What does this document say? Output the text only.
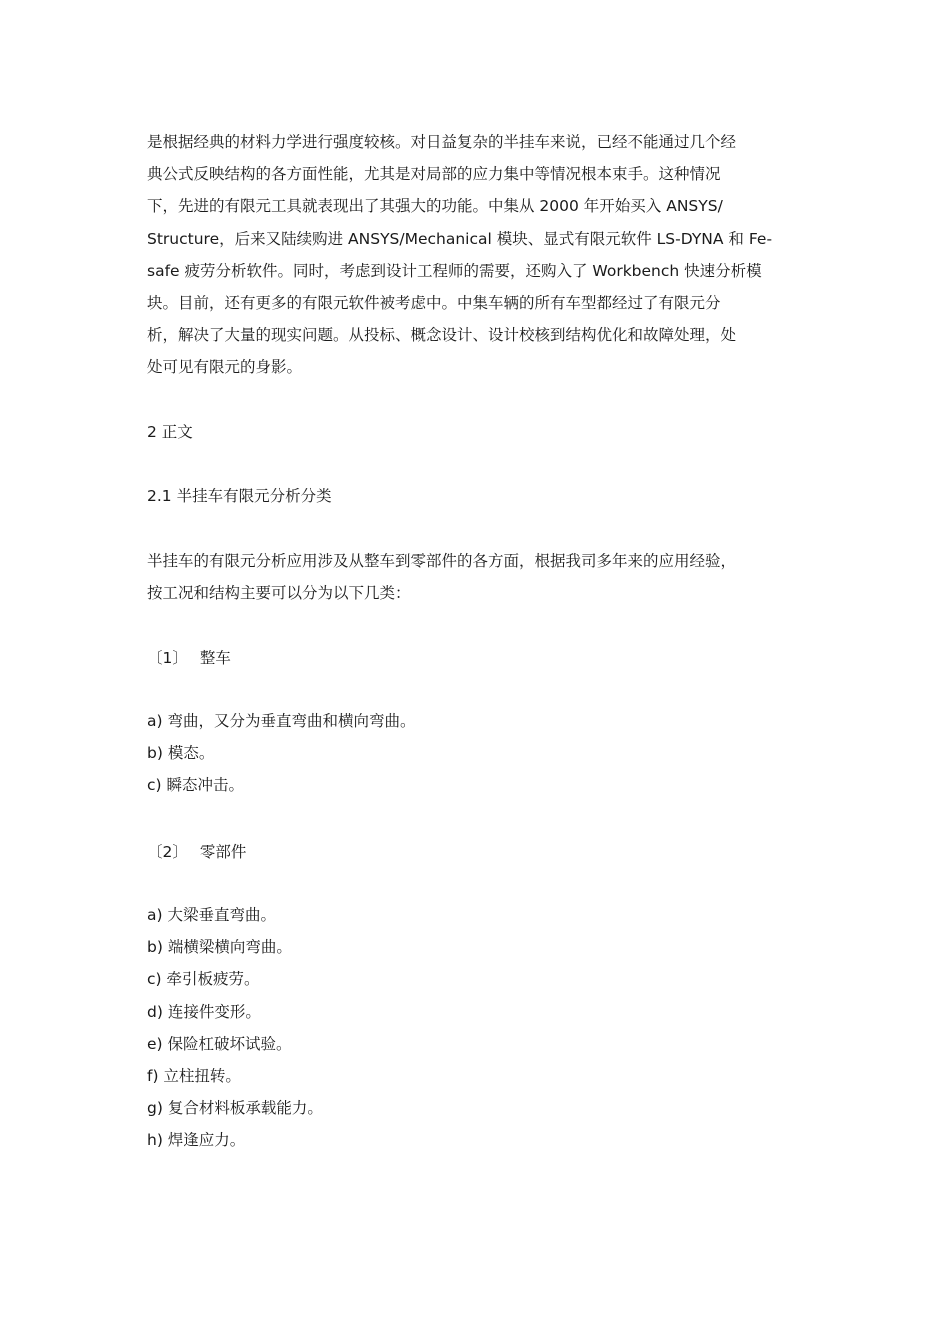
是根据经典的材料力学进行强度较核。对日益复杂的半挂车来说，已经不能通过几个经
典公式反映结构的各方面性能，尤其是对局部的应力集中等情况根本束手。这种情况
下，先进的有限元工具就表现出了其强大的功能。中集从 2000 年开始买入 ANSYS/
Structure，后来又陆续购进 ANSYS/Mechanical 模块、显式有限元软件 LS-DYNA 和 Fe-
safe 疲劳分析软件。同时，考虑到设计工程师的需要，还购入了 Workbench 快速分析模
块。目前，还有更多的有限元软件被考虑中。中集车辆的所有车型都经过了有限元分
析，解决了大量的现实问题。从投标、概念设计、设计校核到结构优化和故障处理，处
处可见有限元的身影。

2 正文
2.1 半挂车有限元分析分类

半挂车的有限元分析应用涉及从整车到零部件的各方面，根据我司多年来的应用经验，
按工况和结构主要可以分为以下几类：

〔1〕 整车
a) 弯曲，又分为垂直弯曲和横向弯曲。
b) 模态。
c) 瞬态冲击。
〔2〕 零部件
a) 大梁垂直弯曲。
b) 端横梁横向弯曲。
c) 牵引板疲劳。
d) 连接件变形。
e) 保险杠破坏试验。
f) 立柱扭转。
g) 复合材料板承载能力。
h) 焊逢应力。
